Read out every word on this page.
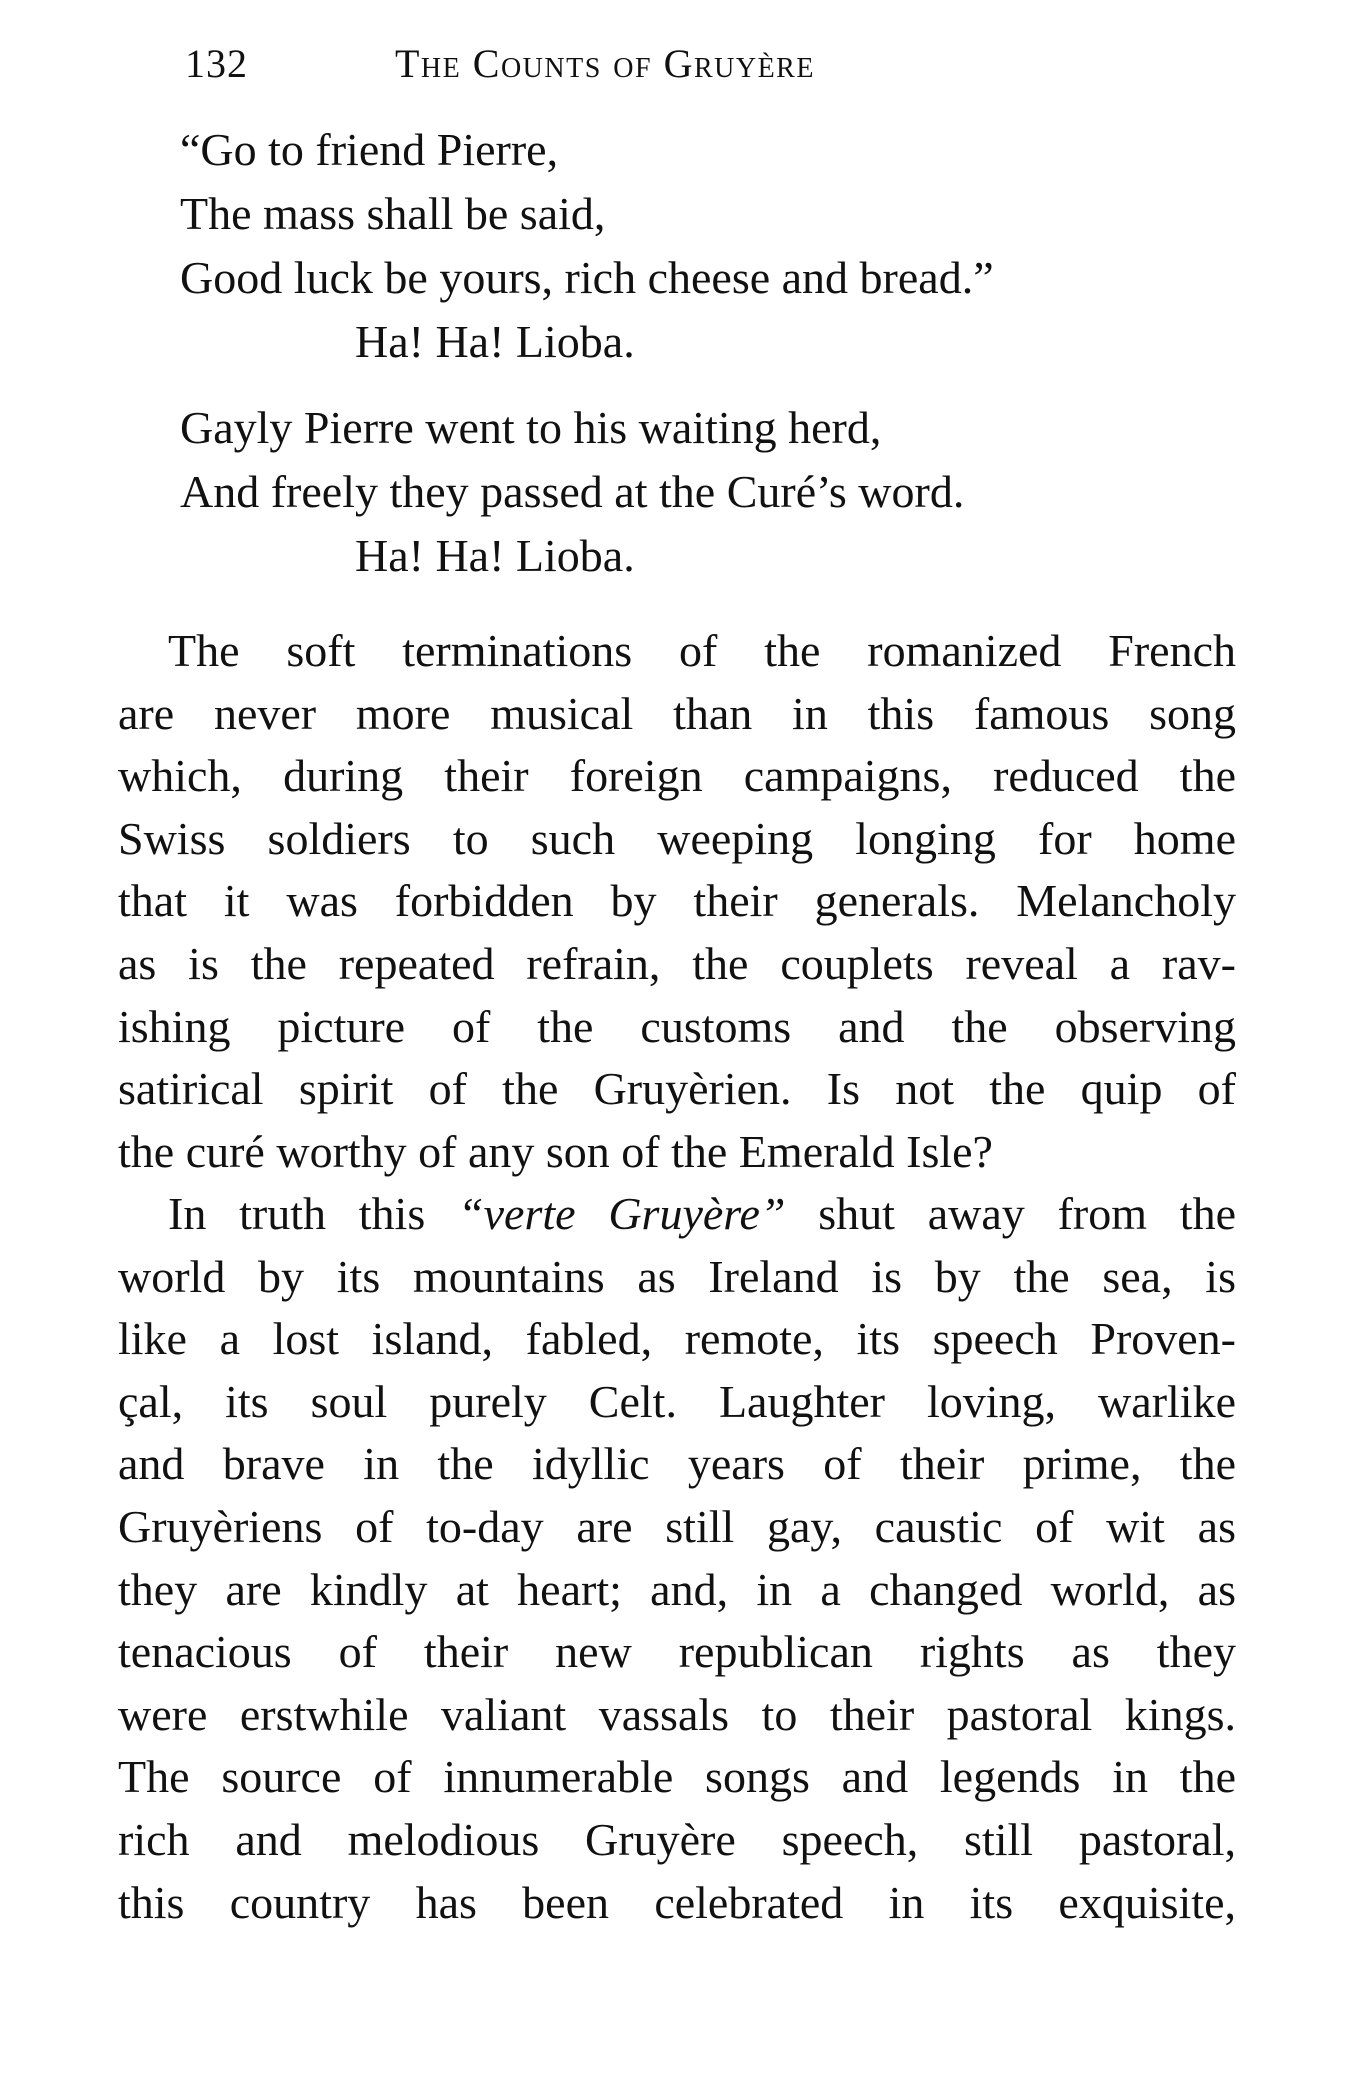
132	The Counts of Gruyère
“Go to friend Pierre,
The mass shall be said,
Good luck be yours, rich cheese and bread.”
Ha! Ha! Lioba.
Gayly Pierre went to his waiting herd,
And freely they passed at the Curé’s word.
Ha! Ha! Lioba.
The soft terminations of the romanized French
are never more musical than in this famous song
which, during their foreign campaigns, reduced the
Swiss soldiers to such weeping longing for home
that it was forbidden by their generals. Melancholy
as is the repeated refrain, the couplets reveal a rav-
ishing picture of the customs and the observing
satirical spirit of the Gruyèrien. Is not the quip of
the curé worthy of any son of the Emerald Isle?
In truth this “verte Gruyère” shut away from the
world by its mountains as Ireland is by the sea, is
like a lost island, fabled, remote, its speech Proven-
çal, its soul purely Celt. Laughter loving, warlike
and brave in the idyllic years of their prime, the
Gruyèriens of to-day are still gay, caustic of wit as
they are kindly at heart; and, in a changed world, as
tenacious of their new republican rights as they
were erstwhile valiant vassals to their pastoral kings.
The source of innumerable songs and legends in the
rich and melodious Gruyère speech, still pastoral,
this country has been celebrated in its exquisite,
